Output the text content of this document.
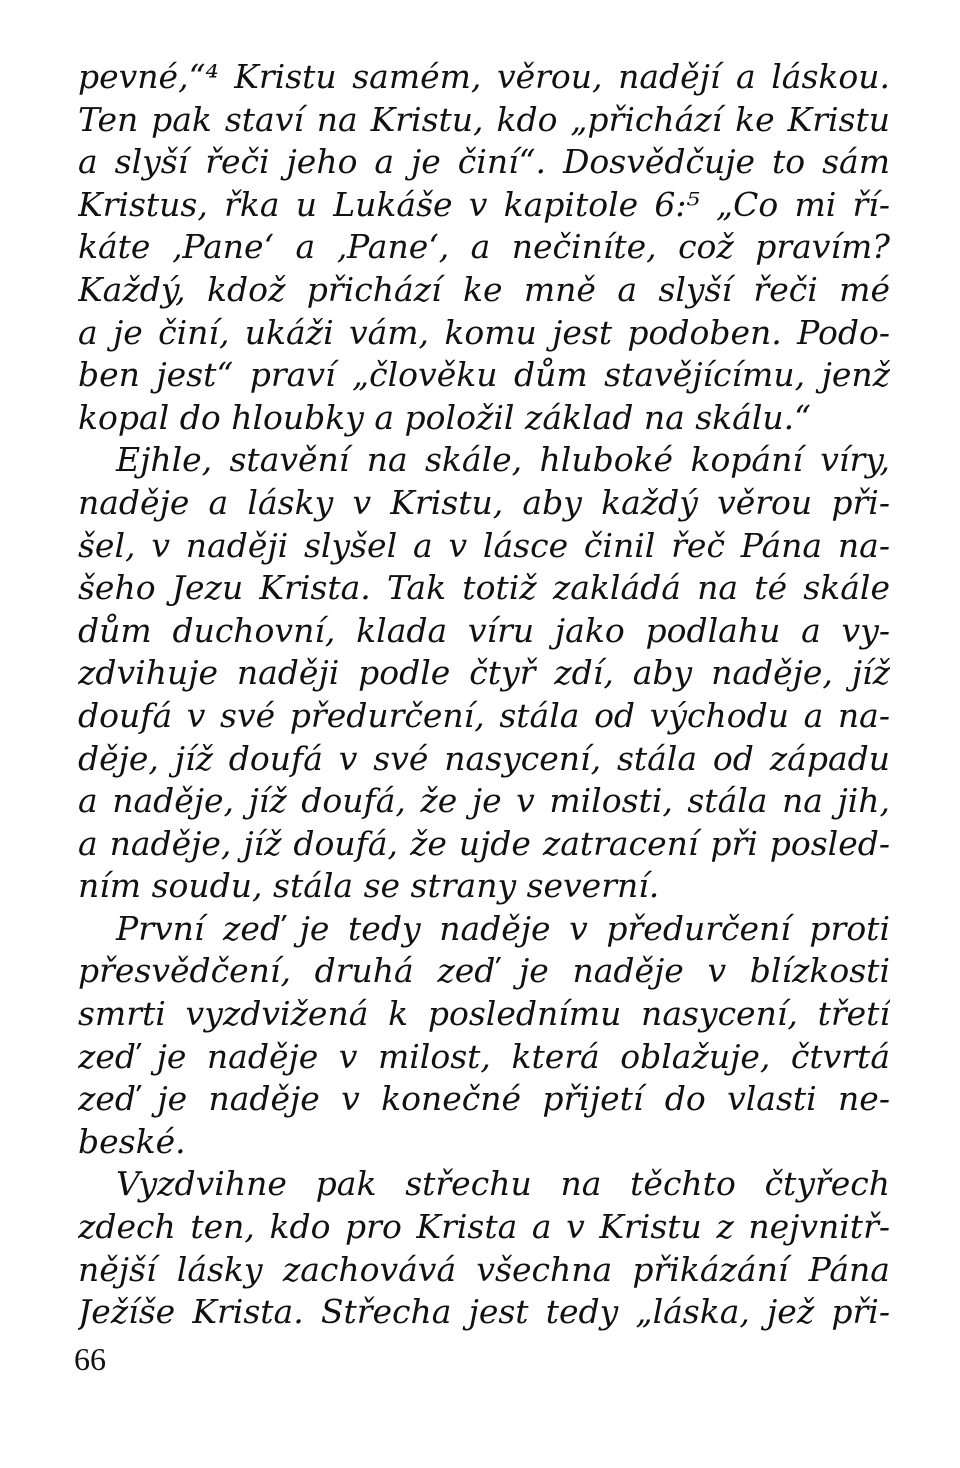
pevné,“⁴ Kristu samém, věrou, nadějí a láskou.
Ten pak staví na Kristu, kdo „přichází ke Kristu
a slyší řeči jeho a je činí“. Dosvědčuje to sám
Kristus, řka u Lukáše v kapitole 6:⁵ „Co mi ří-
káte ‚Pane‘ a ‚Pane‘, a nečiníte, což pravím?
Každý, kdož přichází ke mně a slyší řeči mé
a je činí, ukáži vám, komu jest podoben. Podo-
ben jest“ praví „člověku dům stavějícímu, jenž
kopal do hloubky a položil základ na skálu.“
Ejhle, stavění na skále, hluboké kopání víry,
naděje a lásky v Kristu, aby každý věrou při-
šel, v naději slyšel a v lásce činil řeč Pána na-
šeho Jezu Krista. Tak totiž zakládá na té skále
dům duchovní, klada víru jako podlahu a vy-
zdvihuje naději podle čtyř zdí, aby naděje, jíž
doufá v své předurčení, stála od východu a na-
děje, jíž doufá v své nasycení, stála od západu
a naděje, jíž doufá, že je v milosti, stála na jih,
a naděje, jíž doufá, že ujde zatracení při posled-
ním soudu, stála se strany severní.
První zeď je tedy naděje v předurčení proti
přesvědčení, druhá zeď je naděje v blízkosti
smrti vyzdvižená k poslednímu nasycení, třetí
zeď je naděje v milost, která oblažuje, čtvrtá
zeď je naděje v konečné přijetí do vlasti ne-
beské.
Vyzdvihne pak střechu na těchto čtyřech
zdech ten, kdo pro Krista a v Kristu z nejvnitř-
nější lásky zachovává všechna přikázání Pána
Ježíše Krista. Střecha jest tedy „láska, jež při-
66
